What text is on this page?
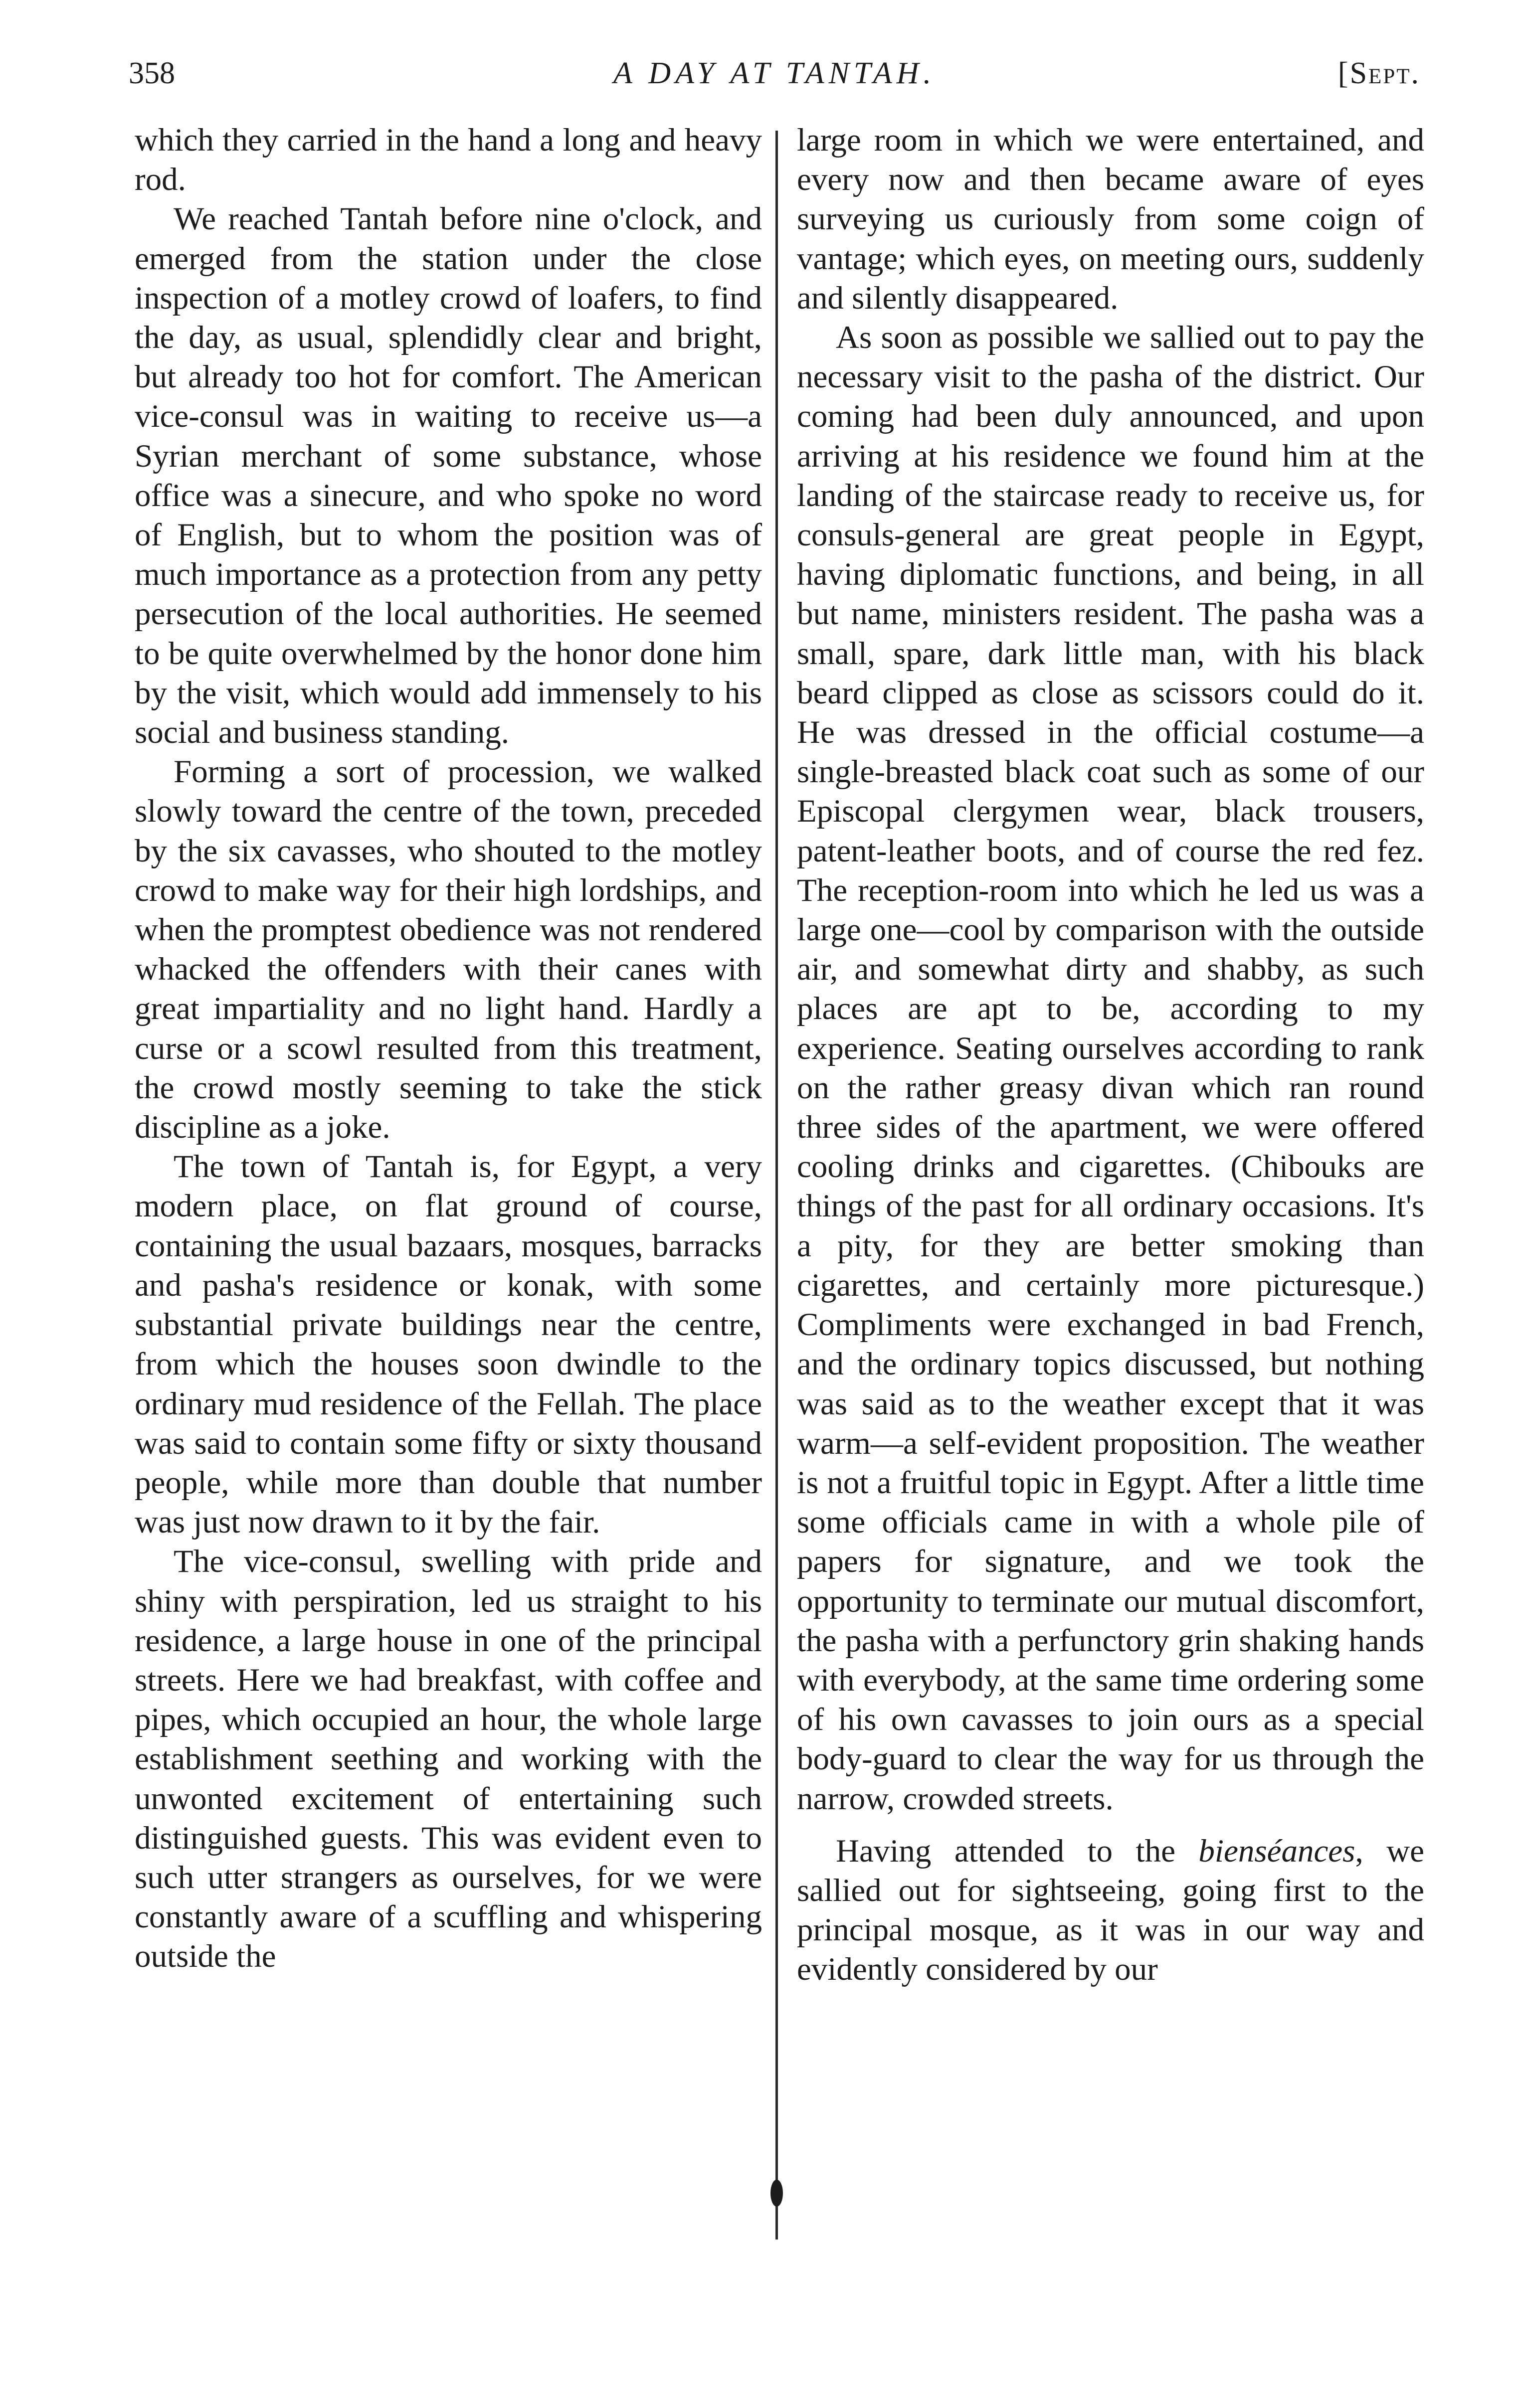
358	A DAY AT TANTAH.	[Sept.

which they carried in the hand a long and heavy rod.

We reached Tantah before nine o'clock, and emerged from the station under the close inspection of a motley crowd of loafers, to find the day, as usual, splendidly clear and bright, but already too hot for comfort. The American vice-consul was in waiting to receive us—a Syrian merchant of some substance, whose office was a sinecure, and who spoke no word of English, but to whom the position was of much importance as a protection from any petty persecution of the local authorities. He seemed to be quite overwhelmed by the honor done him by the visit, which would add immensely to his social and business standing.

Forming a sort of procession, we walked slowly toward the centre of the town, preceded by the six cavasses, who shouted to the motley crowd to make way for their high lordships, and when the promptest obedience was not rendered whacked the offenders with their canes with great impartiality and no light hand. Hardly a curse or a scowl resulted from this treatment, the crowd mostly seeming to take the stick discipline as a joke.

The town of Tantah is, for Egypt, a very modern place, on flat ground of course, containing the usual bazaars, mosques, barracks and pasha's residence or konak, with some substantial private buildings near the centre, from which the houses soon dwindle to the ordinary mud residence of the Fellah. The place was said to contain some fifty or sixty thousand people, while more than double that number was just now drawn to it by the fair.

The vice-consul, swelling with pride and shiny with perspiration, led us straight to his residence, a large house in one of the principal streets. Here we had breakfast, with coffee and pipes, which occupied an hour, the whole large establishment seething and working with the unwonted excitement of entertaining such distinguished guests. This was evident even to such utter strangers as ourselves, for we were constantly aware of a scuffling and whispering outside the

large room in which we were entertained, and every now and then became aware of eyes surveying us curiously from some coign of vantage; which eyes, on meeting ours, suddenly and silently disappeared.

As soon as possible we sallied out to pay the necessary visit to the pasha of the district. Our coming had been duly announced, and upon arriving at his residence we found him at the landing of the staircase ready to receive us, for consuls-general are great people in Egypt, having diplomatic functions, and being, in all but name, ministers resident. The pasha was a small, spare, dark little man, with his black beard clipped as close as scissors could do it. He was dressed in the official costume—a single-breasted black coat such as some of our Episcopal clergymen wear, black trousers, patent-leather boots, and of course the red fez. The reception-room into which he led us was a large one—cool by comparison with the outside air, and somewhat dirty and shabby, as such places are apt to be, according to my experience. Seating ourselves according to rank on the rather greasy divan which ran round three sides of the apartment, we were offered cooling drinks and cigarettes. (Chibouks are things of the past for all ordinary occasions. It's a pity, for they are better smoking than cigarettes, and certainly more picturesque.) Compliments were exchanged in bad French, and the ordinary topics discussed, but nothing was said as to the weather except that it was warm—a self-evident proposition. The weather is not a fruitful topic in Egypt. After a little time some officials came in with a whole pile of papers for signature, and we took the opportunity to terminate our mutual discomfort, the pasha with a perfunctory grin shaking hands with everybody, at the same time ordering some of his own cavasses to join ours as a special body-guard to clear the way for us through the narrow, crowded streets.

Having attended to the bienséances, we sallied out for sightseeing, going first to the principal mosque, as it was in our way and evidently considered by our
